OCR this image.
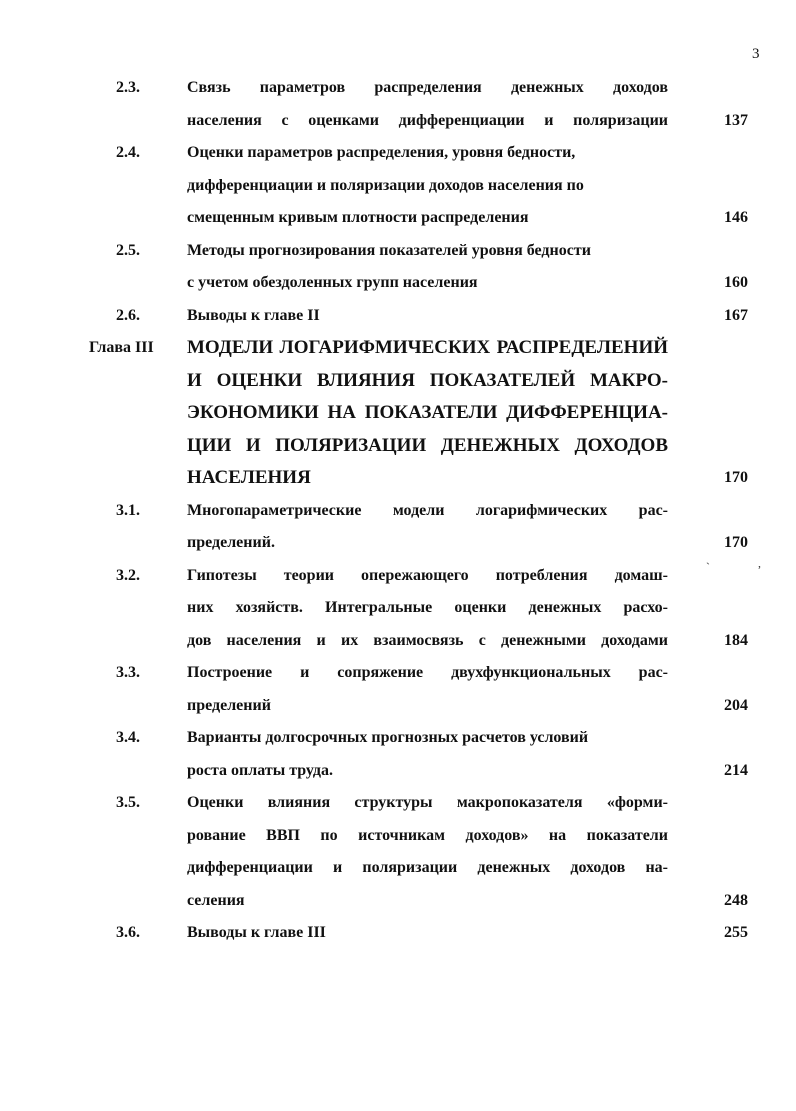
3
2.3.	Связь параметров распределения денежных доходов
населения с оценками дифференциации и поляризации	137
2.4.	Оценки параметров распределения, уровня бедности,
дифференциации и поляризации доходов населения по
смещенным кривым плотности распределения	146
2.5.	Методы прогнозирования показателей уровня бедности
с учетом обездоленных групп населения	160
2.6.	Выводы к главе II	167
Глава III МОДЕЛИ ЛОГАРИФМИЧЕСКИХ РАСПРЕДЕЛЕНИЙ
И ОЦЕНКИ ВЛИЯНИЯ ПОКАЗАТЕЛЕЙ МАКРО-
ЭКОНОМИКИ НА ПОКАЗАТЕЛИ ДИФФЕРЕНЦИА-
ЦИИ И ПОЛЯРИЗАЦИИ ДЕНЕЖНЫХ ДОХОДОВ
НАСЕЛЕНИЯ	170
3.1.	Многопараметрические модели логарифмических рас-
пределений.	170
3.2.	Гипотезы теории опережающего потребления домаш-
них хозяйств. Интегральные оценки денежных расхо-
дов населения и их взаимосвязь с денежными доходами	184
3.3.	Построение и сопряжение двухфункциональных рас-
пределений	204
3.4.	Варианты долгосрочных прогнозных расчетов условий
роста оплаты труда.	214
3.5.	Оценки влияния структуры макропоказателя «форми-
рование ВВП по источникам доходов» на показатели
дифференциации и поляризации денежных доходов на-
селения	248
3.6.	Выводы к главе III	255
`	,
